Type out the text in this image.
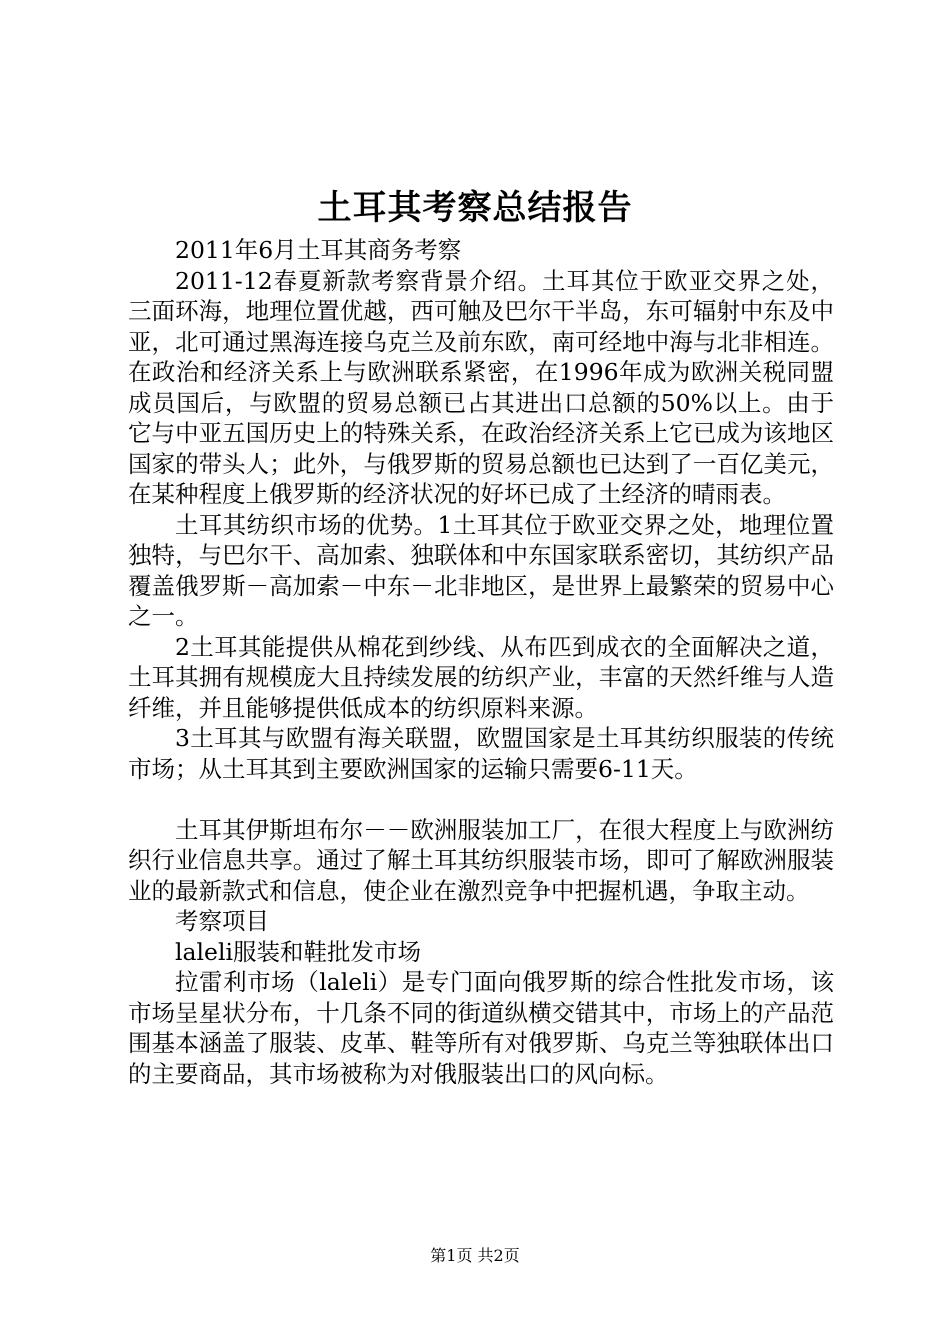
土耳其考察总结报告

2011年6月土耳其商务考察

2011-12春夏新款考察背景介绍。土耳其位于欧亚交界之处，三面环海，地理位置优越，西可触及巴尔干半岛，东可辐射中东及中亚，北可通过黑海连接乌克兰及前东欧，南可经地中海与北非相连。在政治和经济关系上与欧洲联系紧密，在1996年成为欧洲关税同盟成员国后，与欧盟的贸易总额已占其进出口总额的50%以上。由于它与中亚五国历史上的特殊关系，在政治经济关系上它已成为该地区国家的带头人；此外，与俄罗斯的贸易总额也已达到了一百亿美元，在某种程度上俄罗斯的经济状况的好坏已成了土经济的晴雨表。

土耳其纺织市场的优势。1土耳其位于欧亚交界之处，地理位置独特，与巴尔干、高加索、独联体和中东国家联系密切，其纺织产品覆盖俄罗斯－高加索－中东－北非地区，是世界上最繁荣的贸易中心之一。

2土耳其能提供从棉花到纱线、从布匹到成衣的全面解决之道，土耳其拥有规模庞大且持续发展的纺织产业，丰富的天然纤维与人造纤维，并且能够提供低成本的纺织原料来源。

3土耳其与欧盟有海关联盟，欧盟国家是土耳其纺织服装的传统市场；从土耳其到主要欧洲国家的运输只需要6-11天。

土耳其伊斯坦布尔－－欧洲服装加工厂，在很大程度上与欧洲纺织行业信息共享。通过了解土耳其纺织服装市场，即可了解欧洲服装业的最新款式和信息，使企业在激烈竞争中把握机遇，争取主动。

考察项目

laleli服装和鞋批发市场

拉雷利市场（laleli）是专门面向俄罗斯的综合性批发市场，该市场呈星状分布，十几条不同的街道纵横交错其中，市场上的产品范围基本涵盖了服装、皮革、鞋等所有对俄罗斯、乌克兰等独联体出口的主要商品，其市场被称为对俄服装出口的风向标。

第1页 共2页
